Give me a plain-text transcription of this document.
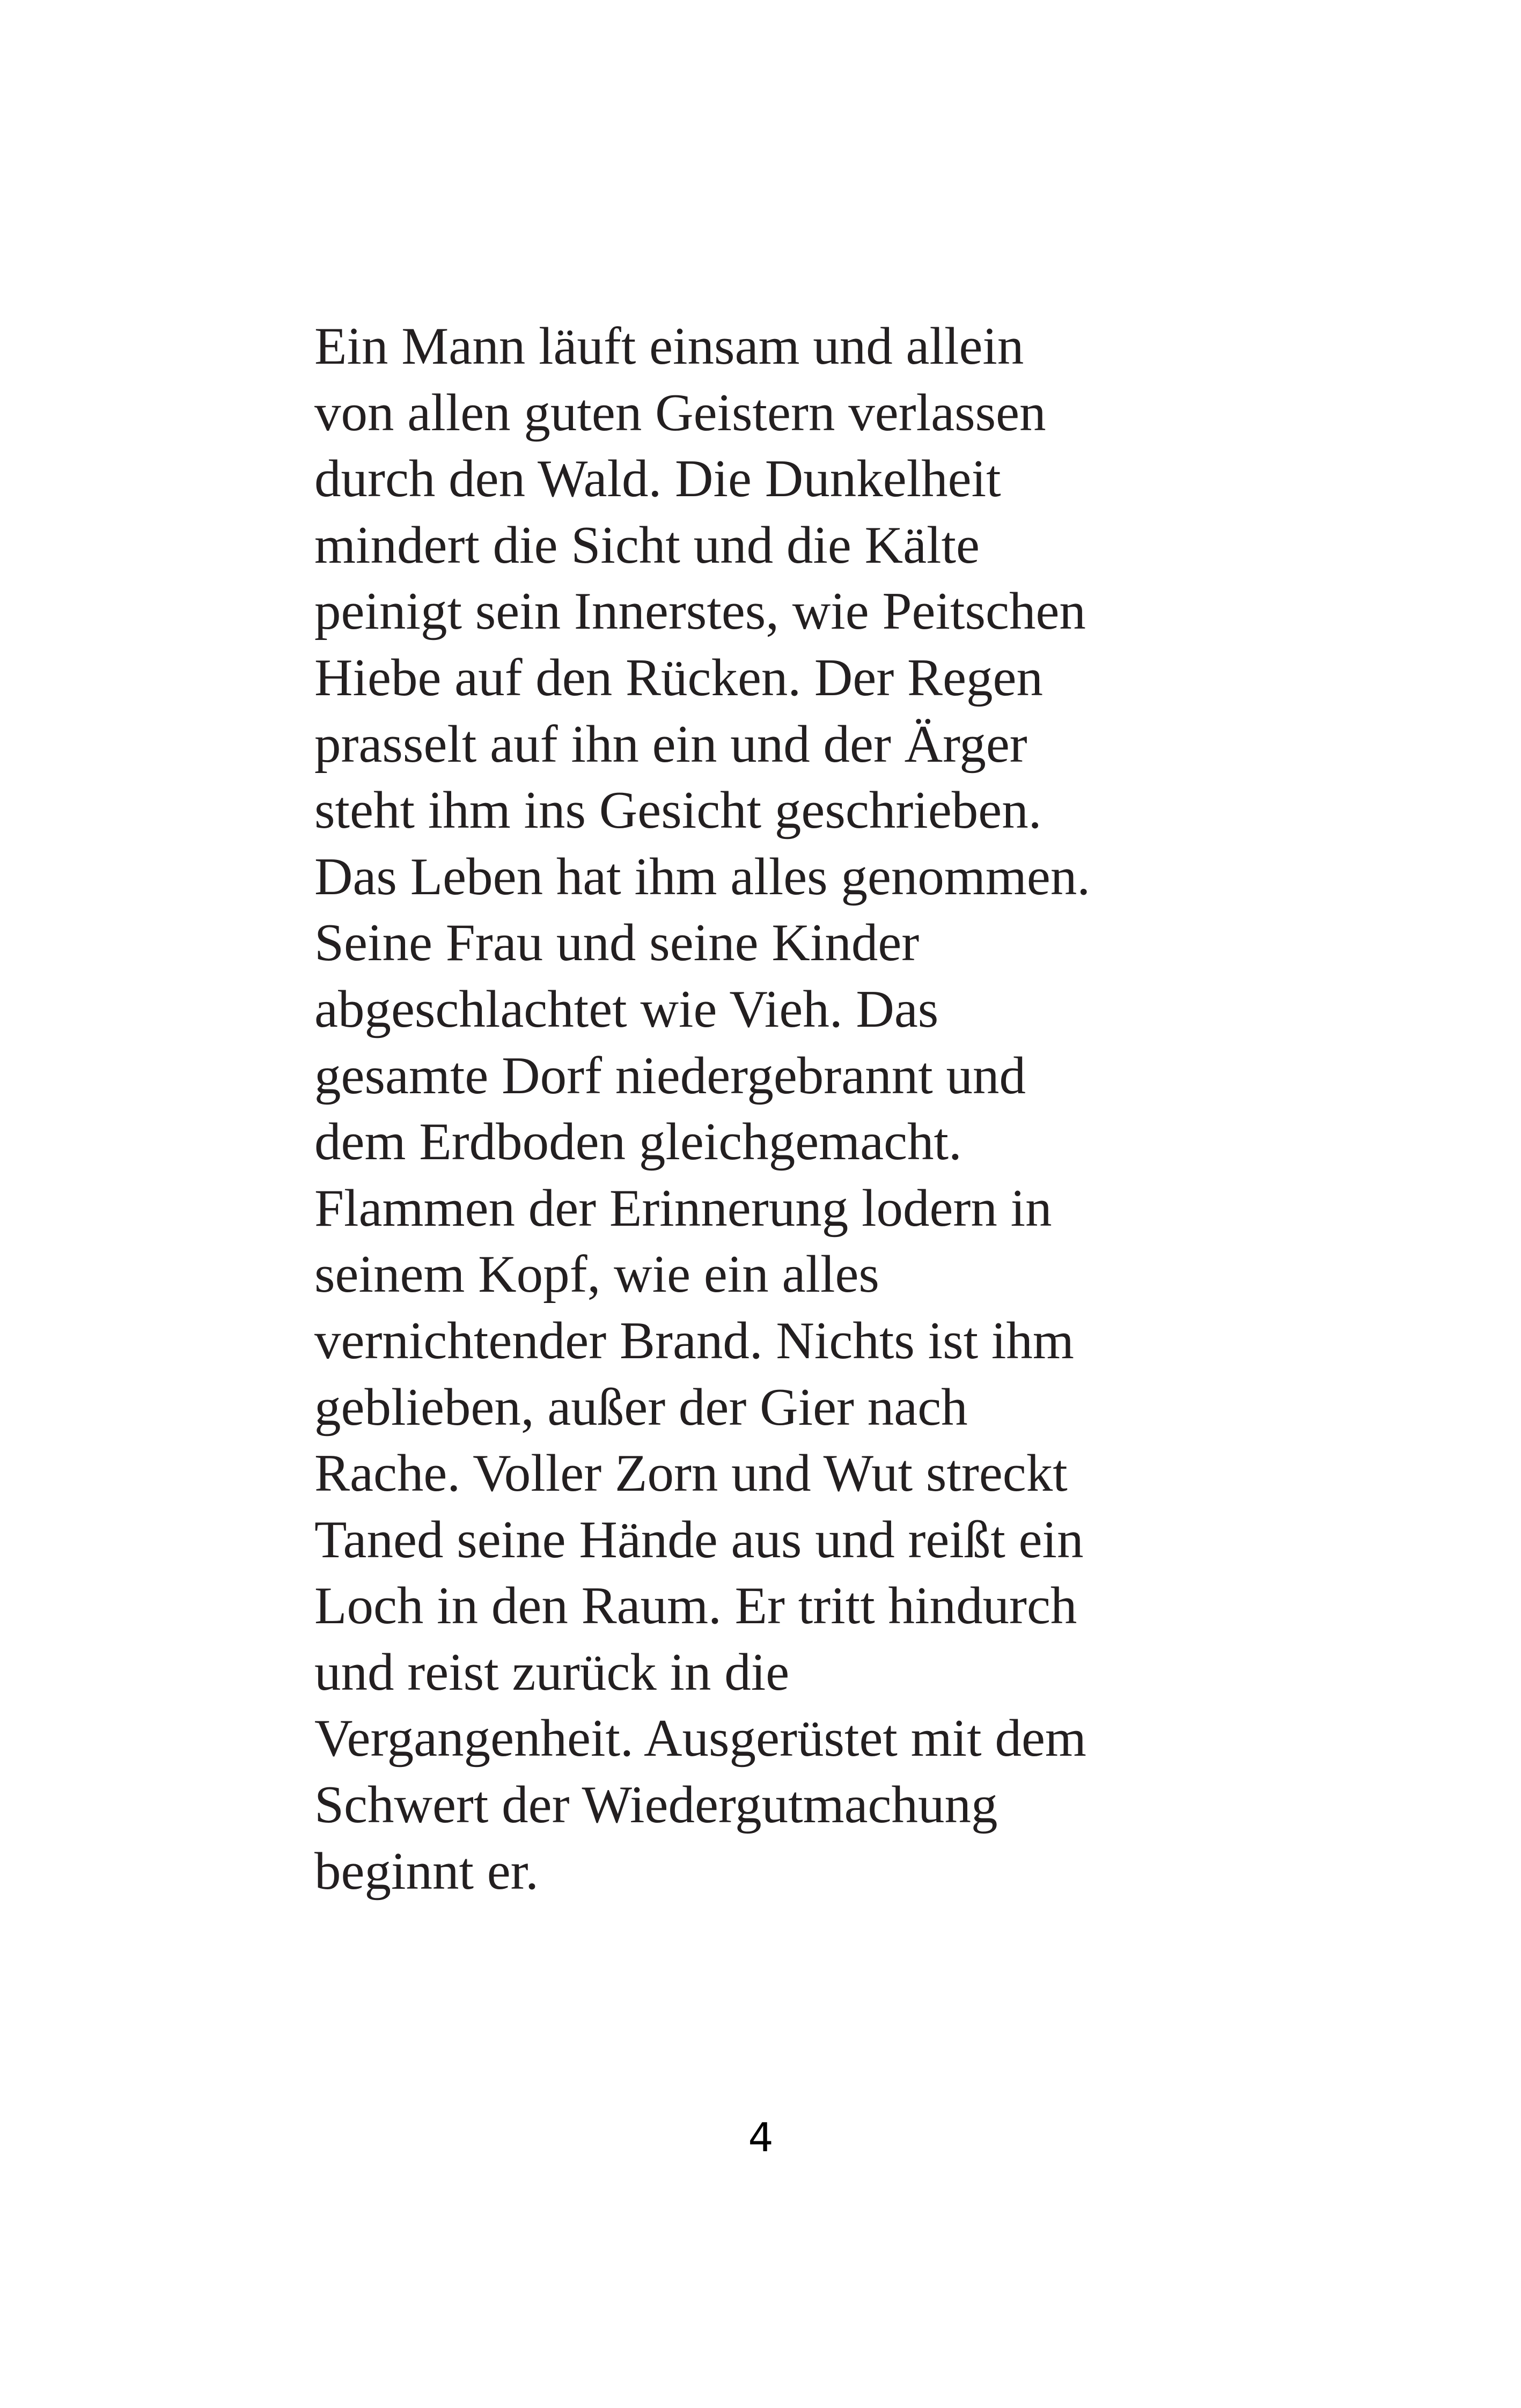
Ein Mann läuft einsam und allein
von allen guten Geistern verlassen
durch den Wald. Die Dunkelheit
mindert die Sicht und die Kälte
peinigt sein Innerstes, wie Peitschen
Hiebe auf den Rücken. Der Regen
prasselt auf ihn ein und der Ärger
steht ihm ins Gesicht geschrieben.
Das Leben hat ihm alles genommen.
Seine Frau und seine Kinder
abgeschlachtet wie Vieh. Das
gesamte Dorf niedergebrannt und
dem Erdboden gleichgemacht.
Flammen der Erinnerung lodern in
seinem Kopf, wie ein alles
vernichtender Brand. Nichts ist ihm
geblieben, außer der Gier nach
Rache. Voller Zorn und Wut streckt
Taned seine Hände aus und reißt ein
Loch in den Raum. Er tritt hindurch
und reist zurück in die
Vergangenheit. Ausgerüstet mit dem
Schwert der Wiedergutmachung
beginnt er.

4
